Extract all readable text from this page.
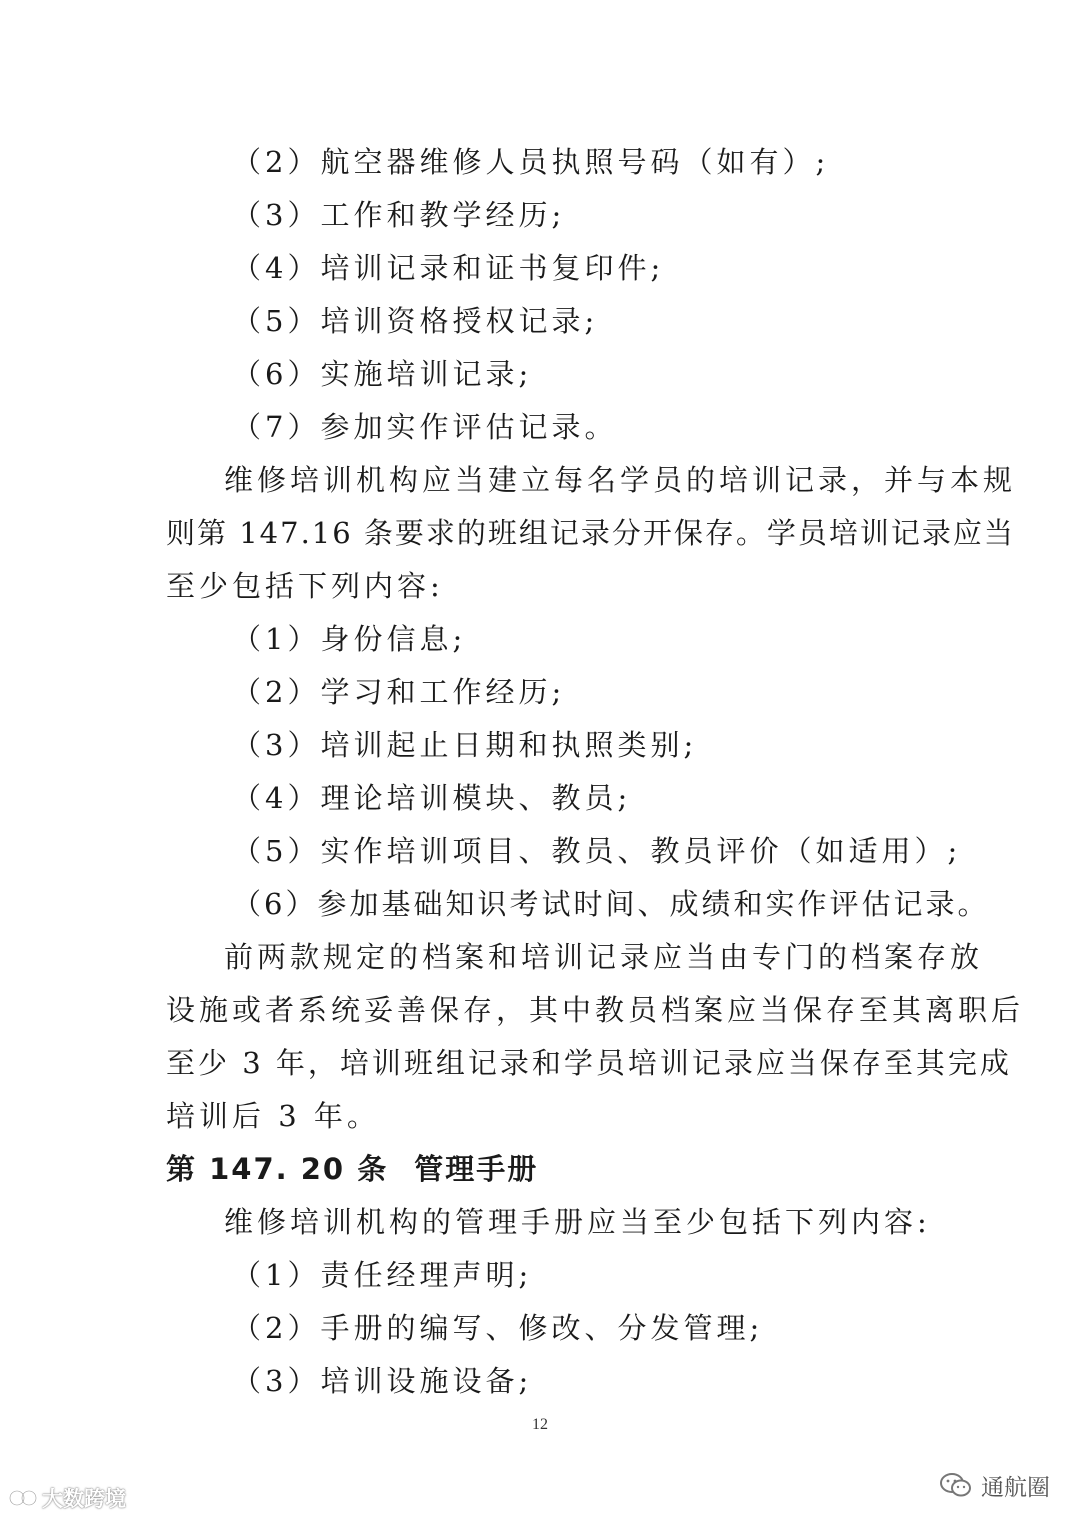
（2）航空器维修人员执照号码（如有）;
（3）工作和教学经历;
（4）培训记录和证书复印件;
（5）培训资格授权记录;
（6）实施培训记录;
（7）参加实作评估记录。
维修培训机构应当建立每名学员的培训记录，并与本规
则第 147.16 条要求的班组记录分开保存。学员培训记录应当
至少包括下列内容:
（1）身份信息;
（2）学习和工作经历;
（3）培训起止日期和执照类别;
（4）理论培训模块、教员;
（5）实作培训项目、教员、教员评价（如适用）;
（6）参加基础知识考试时间、成绩和实作评估记录。
前两款规定的档案和培训记录应当由专门的档案存放
设施或者系统妥善保存，其中教员档案应当保存至其离职后
至少 3 年，培训班组记录和学员培训记录应当保存至其完成
培训后 3 年。
第 147. 20 条 管理手册
维修培训机构的管理手册应当至少包括下列内容:
（1）责任经理声明;
（2）手册的编写、修改、分发管理;
（3）培训设施设备;
12
大数跨境	通航圈
